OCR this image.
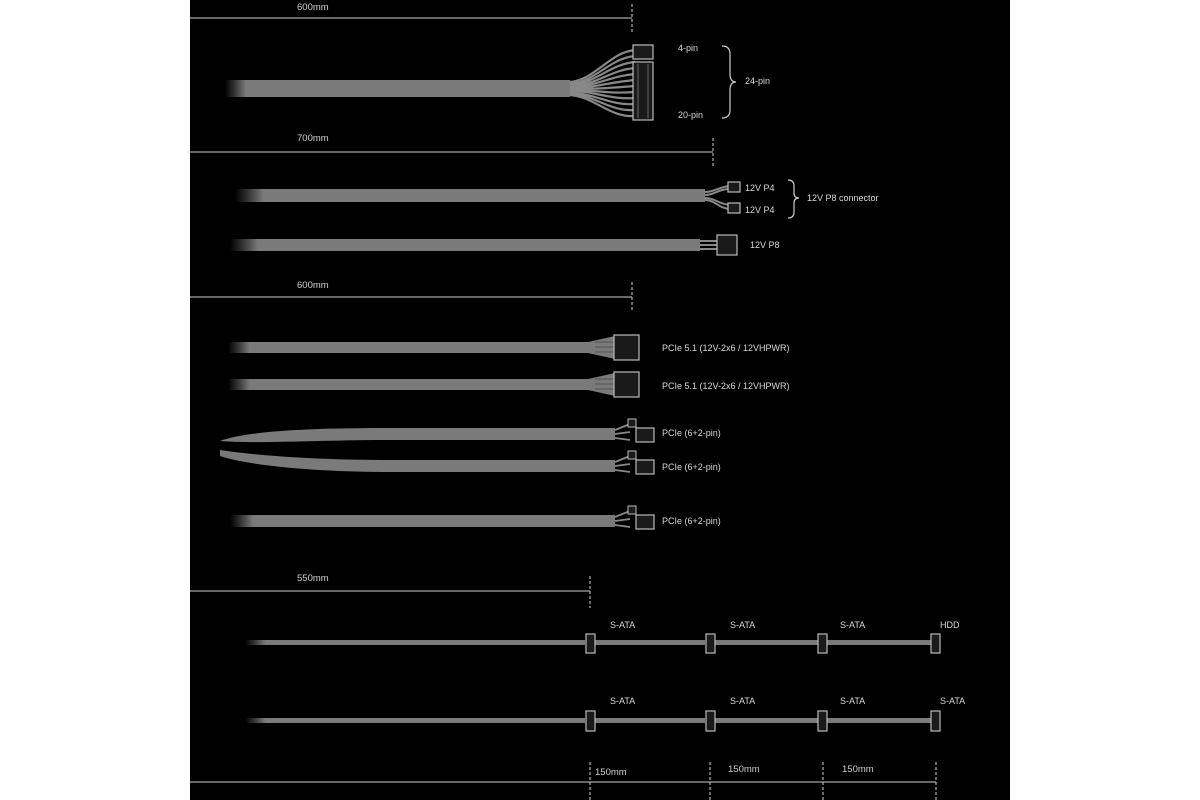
600mm
4-pin
24-pin
20-pin
700mm
12V P4
12V P4
12V P8 connector
12V P8
600mm
PCIe 5.1 (12V-2x6 / 12VHPWR)
PCIe 5.1 (12V-2x6 / 12VHPWR)
PCIe (6+2-pin)
PCIe (6+2-pin)
PCIe (6+2-pin)
550mm
S-ATA	S-ATA	S-ATA	HDD
S-ATA	S-ATA	S-ATA	S-ATA
150mm	150mm	150mm
